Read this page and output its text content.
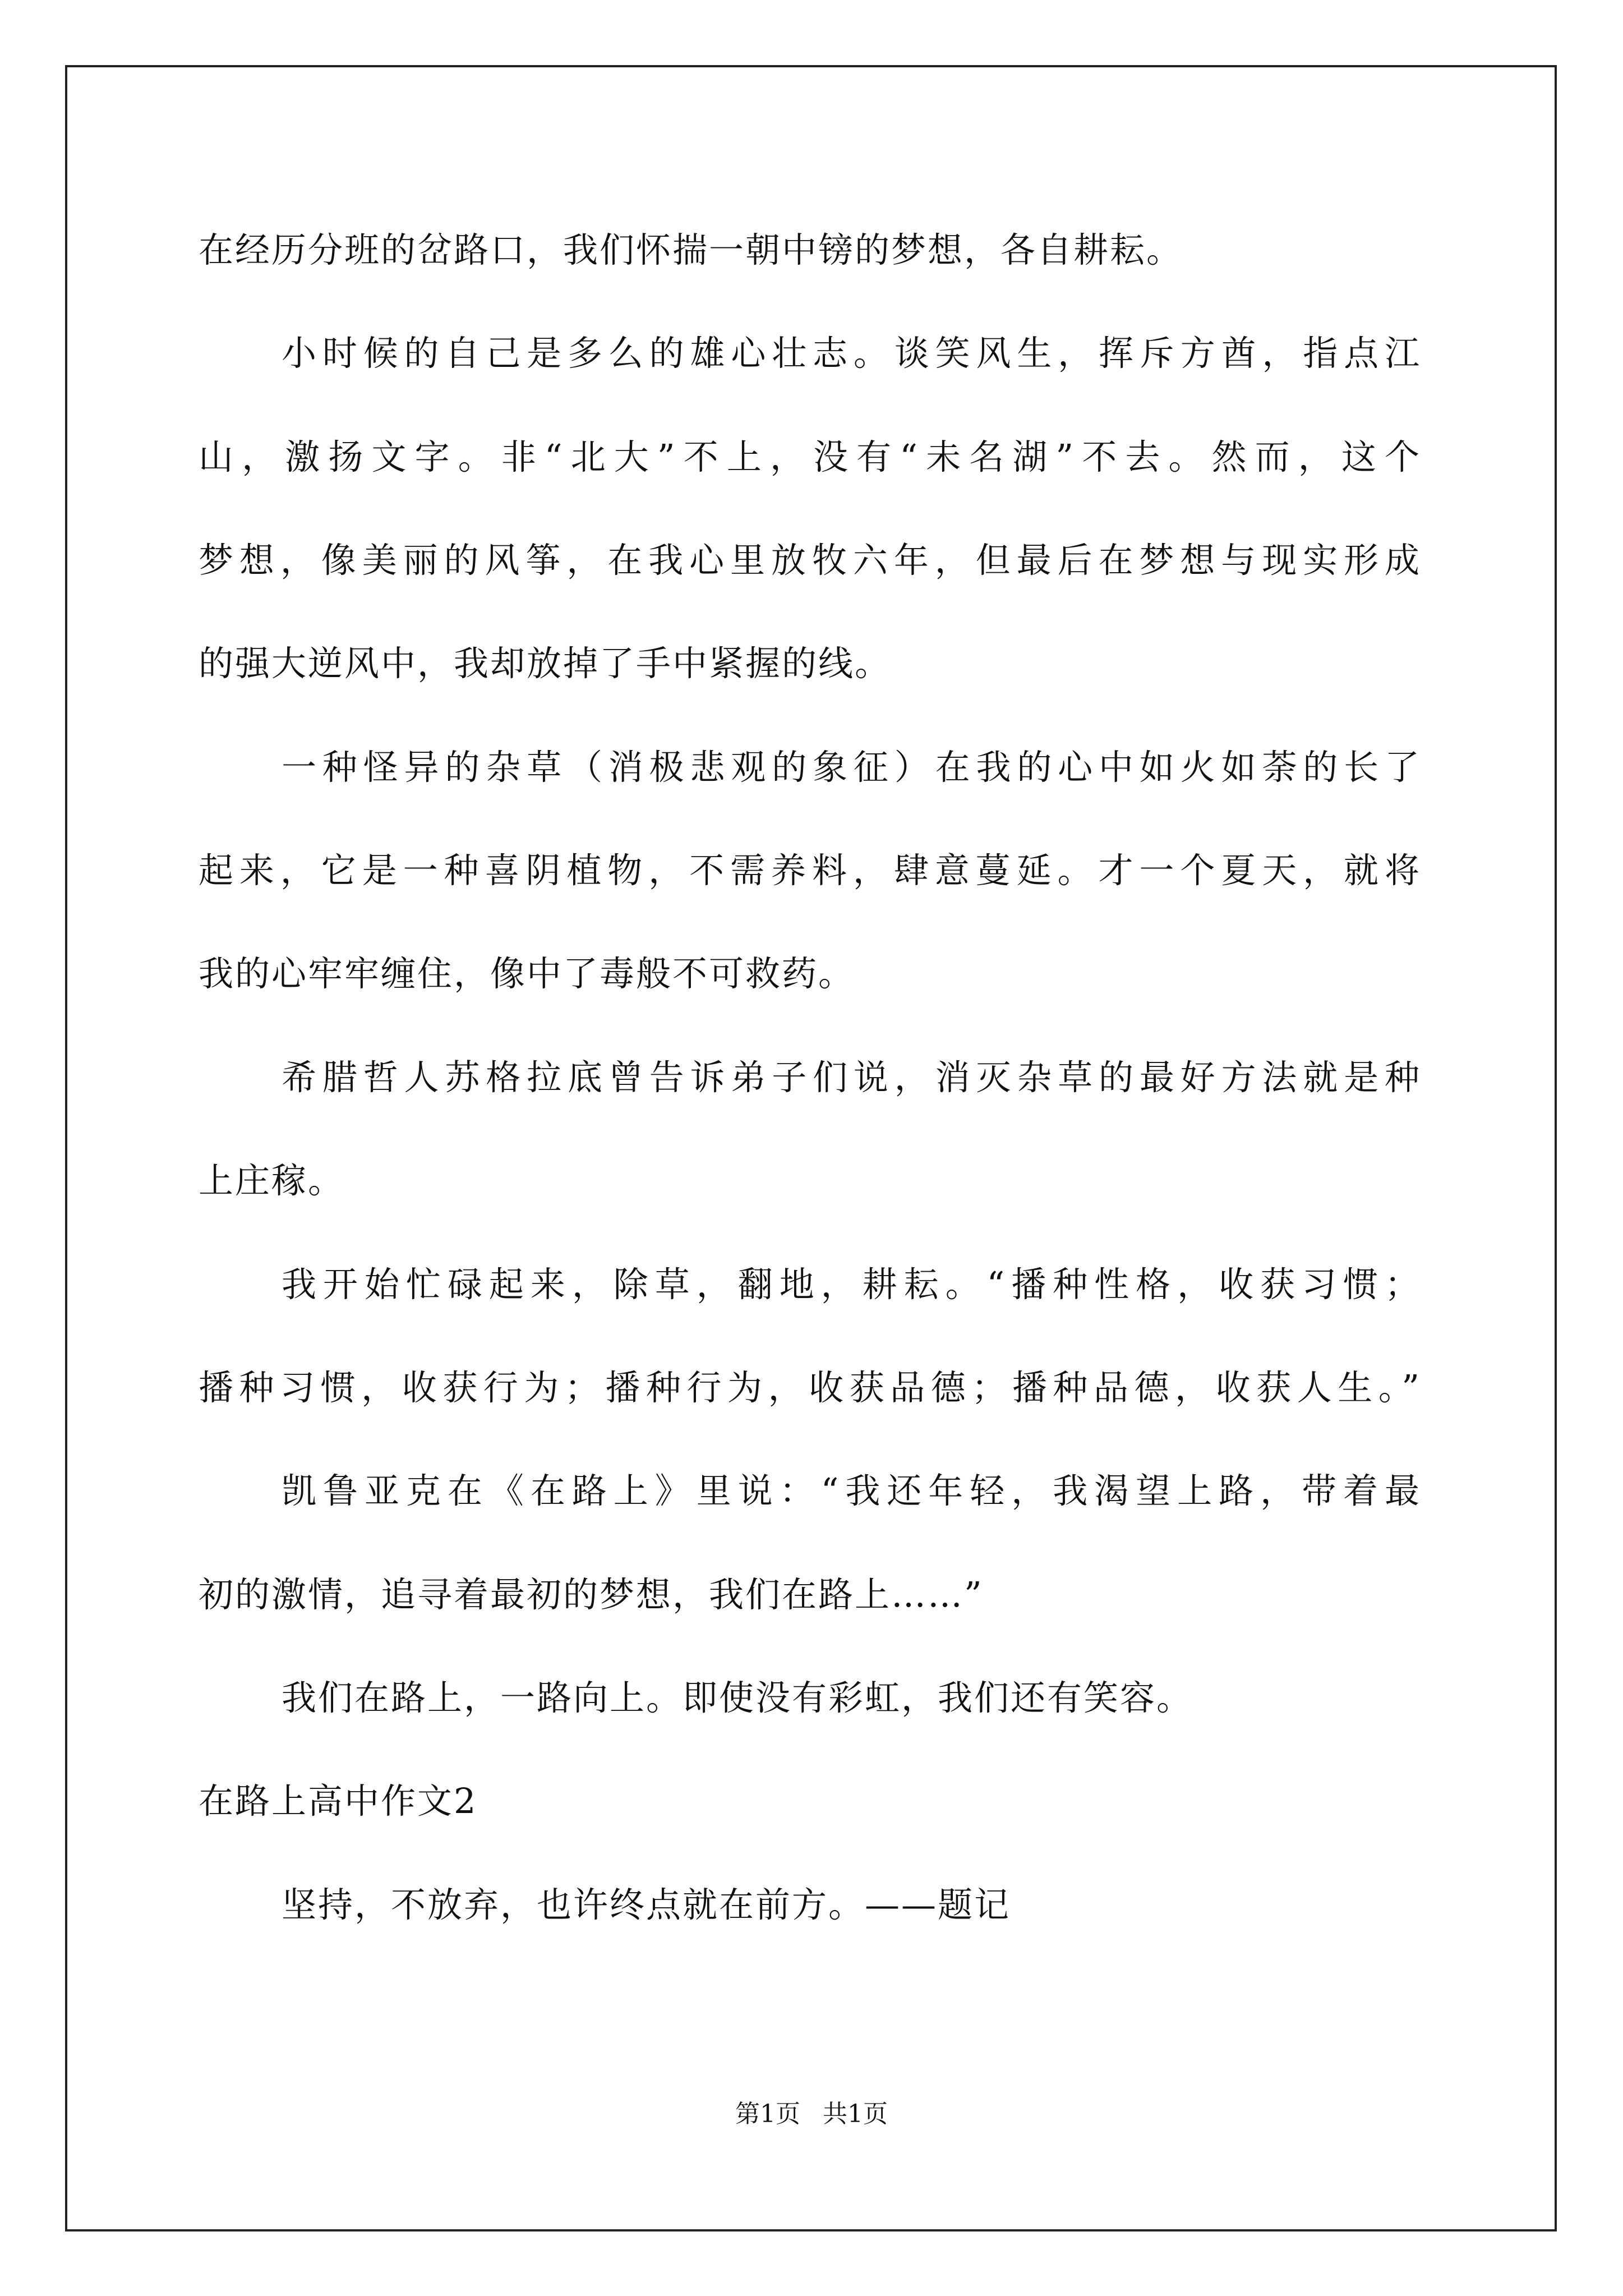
在经历分班的岔路口，我们怀揣一朝中镑的梦想，各自耕耘。
小时候的自己是多么的雄心壮志。谈笑风生，挥斥方酋，指点江
山，激扬文字。非“北大”不上，没有“未名湖”不去。然而，这个
梦想，像美丽的风筝，在我心里放牧六年，但最后在梦想与现实形成
的强大逆风中，我却放掉了手中紧握的线。
一种怪异的杂草（消极悲观的象征）在我的心中如火如荼的长了
起来，它是一种喜阴植物，不需养料，肆意蔓延。才一个夏天，就将
我的心牢牢缠住，像中了毒般不可救药。
希腊哲人苏格拉底曾告诉弟子们说，消灭杂草的最好方法就是种
上庄稼。
我开始忙碌起来，除草，翻地，耕耘。“播种性格，收获习惯；
播种习惯，收获行为；播种行为，收获品德；播种品德，收获人生。”
凯鲁亚克在《在路上》里说：“我还年轻，我渴望上路，带着最
初的激情，追寻着最初的梦想，我们在路上……”
我们在路上，一路向上。即使没有彩虹，我们还有笑容。
在路上高中作文2
坚持，不放弃，也许终点就在前方。——题记
第1页 共1页
